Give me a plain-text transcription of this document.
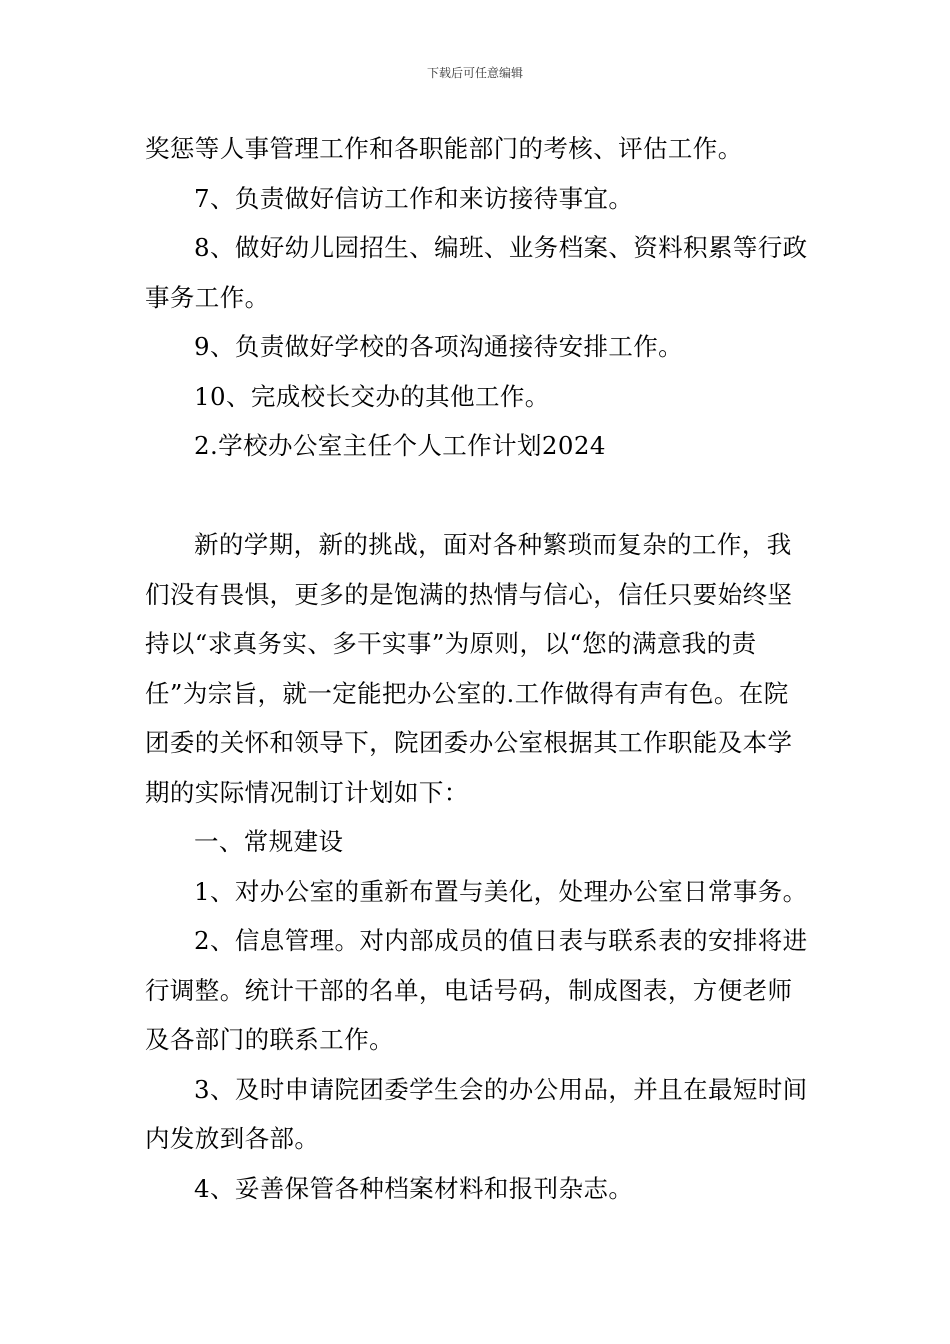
下载后可任意编辑

奖惩等人事管理工作和各职能部门的考核、评估工作。

7、负责做好信访工作和来访接待事宜。

8、做好幼儿园招生、编班、业务档案、资料积累等行政事务工作。

9、负责做好学校的各项沟通接待安排工作。

10、完成校长交办的其他工作。

2.学校办公室主任个人工作计划2024

新的学期，新的挑战，面对各种繁琐而复杂的工作，我们没有畏惧，更多的是饱满的热情与信心，信任只要始终坚持以“求真务实、多干实事”为原则，以“您的满意我的责任”为宗旨，就一定能把办公室的.工作做得有声有色。在院团委的关怀和领导下，院团委办公室根据其工作职能及本学期的实际情况制订计划如下：

一、常规建设

1、对办公室的重新布置与美化，处理办公室日常事务。

2、信息管理。对内部成员的值日表与联系表的安排将进行调整。统计干部的名单，电话号码，制成图表，方便老师及各部门的联系工作。

3、及时申请院团委学生会的办公用品，并且在最短时间内发放到各部。

4、妥善保管各种档案材料和报刊杂志。
